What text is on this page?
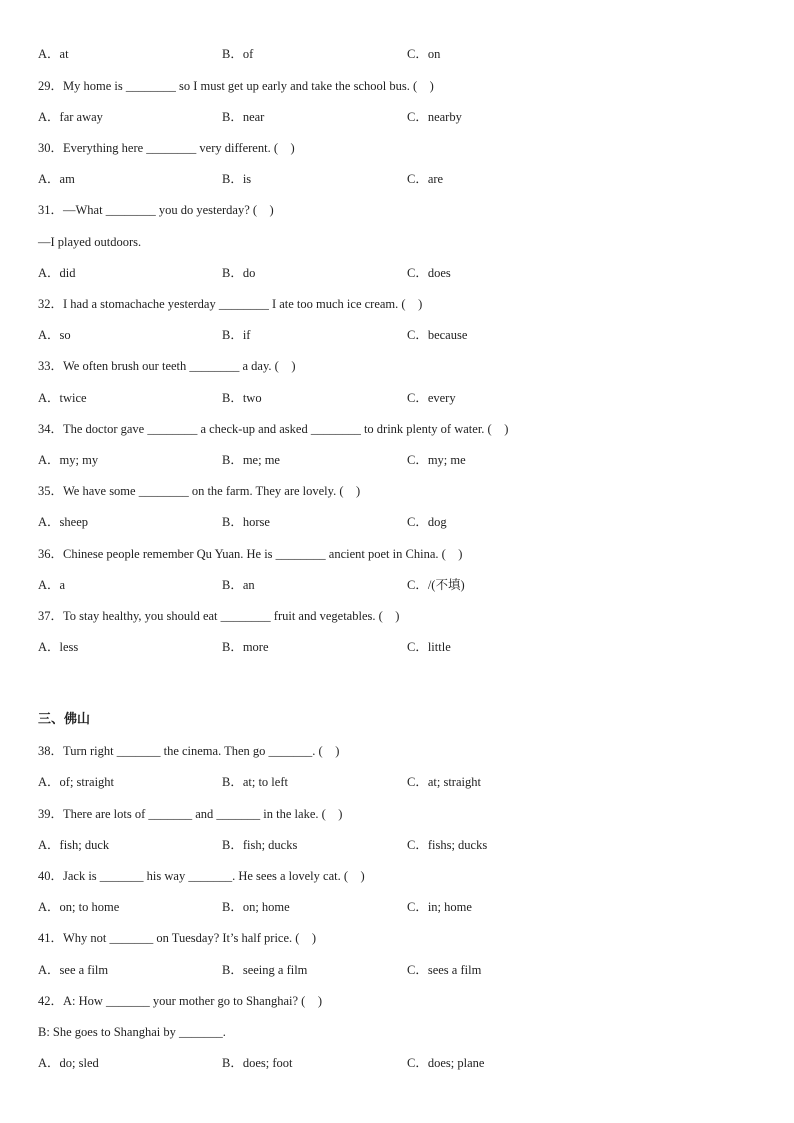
A．at	B．of	C．on
29．My home is ________ so I must get up early and take the school bus. (　)
A．far away	B．near	C．nearby
30．Everything here ________ very different. (　)
A．am	B．is	C．are
31．—What ________ you do yesterday? (　)
—I played outdoors.
A．did	B．do	C．does
32．I had a stomachache yesterday ________ I ate too much ice cream. (　)
A．so	B．if	C．because
33．We often brush our teeth ________ a day. (　)
A．twice	B．two	C．every
34．The doctor gave ________ a check-up and asked ________ to drink plenty of water. (　)
A．my; my	B．me; me	C．my; me
35．We have some ________ on the farm. They are lovely. (　)
A．sheep	B．horse	C．dog
36．Chinese people remember Qu Yuan. He is ________ ancient poet in China. (　)
A．a	B．an	C．/(不填)
37．To stay healthy, you should eat ________ fruit and vegetables. (　)
A．less	B．more	C．little
三、佛山
38．Turn right _______ the cinema. Then go _______. (　)
A．of; straight	B．at; to left	C．at; straight
39．There are lots of _______ and _______ in the lake. (　)
A．fish; duck	B．fish; ducks	C．fishs; ducks
40．Jack is _______ his way _______. He sees a lovely cat. (　)
A．on; to home	B．on; home	C．in; home
41．Why not _______ on Tuesday? It’s half price. (　)
A．see a film	B．seeing a film	C．sees a film
42．A: How _______ your mother go to Shanghai? (　)
B: She goes to Shanghai by _______.
A．do; sled	B．does; foot	C．does; plane
